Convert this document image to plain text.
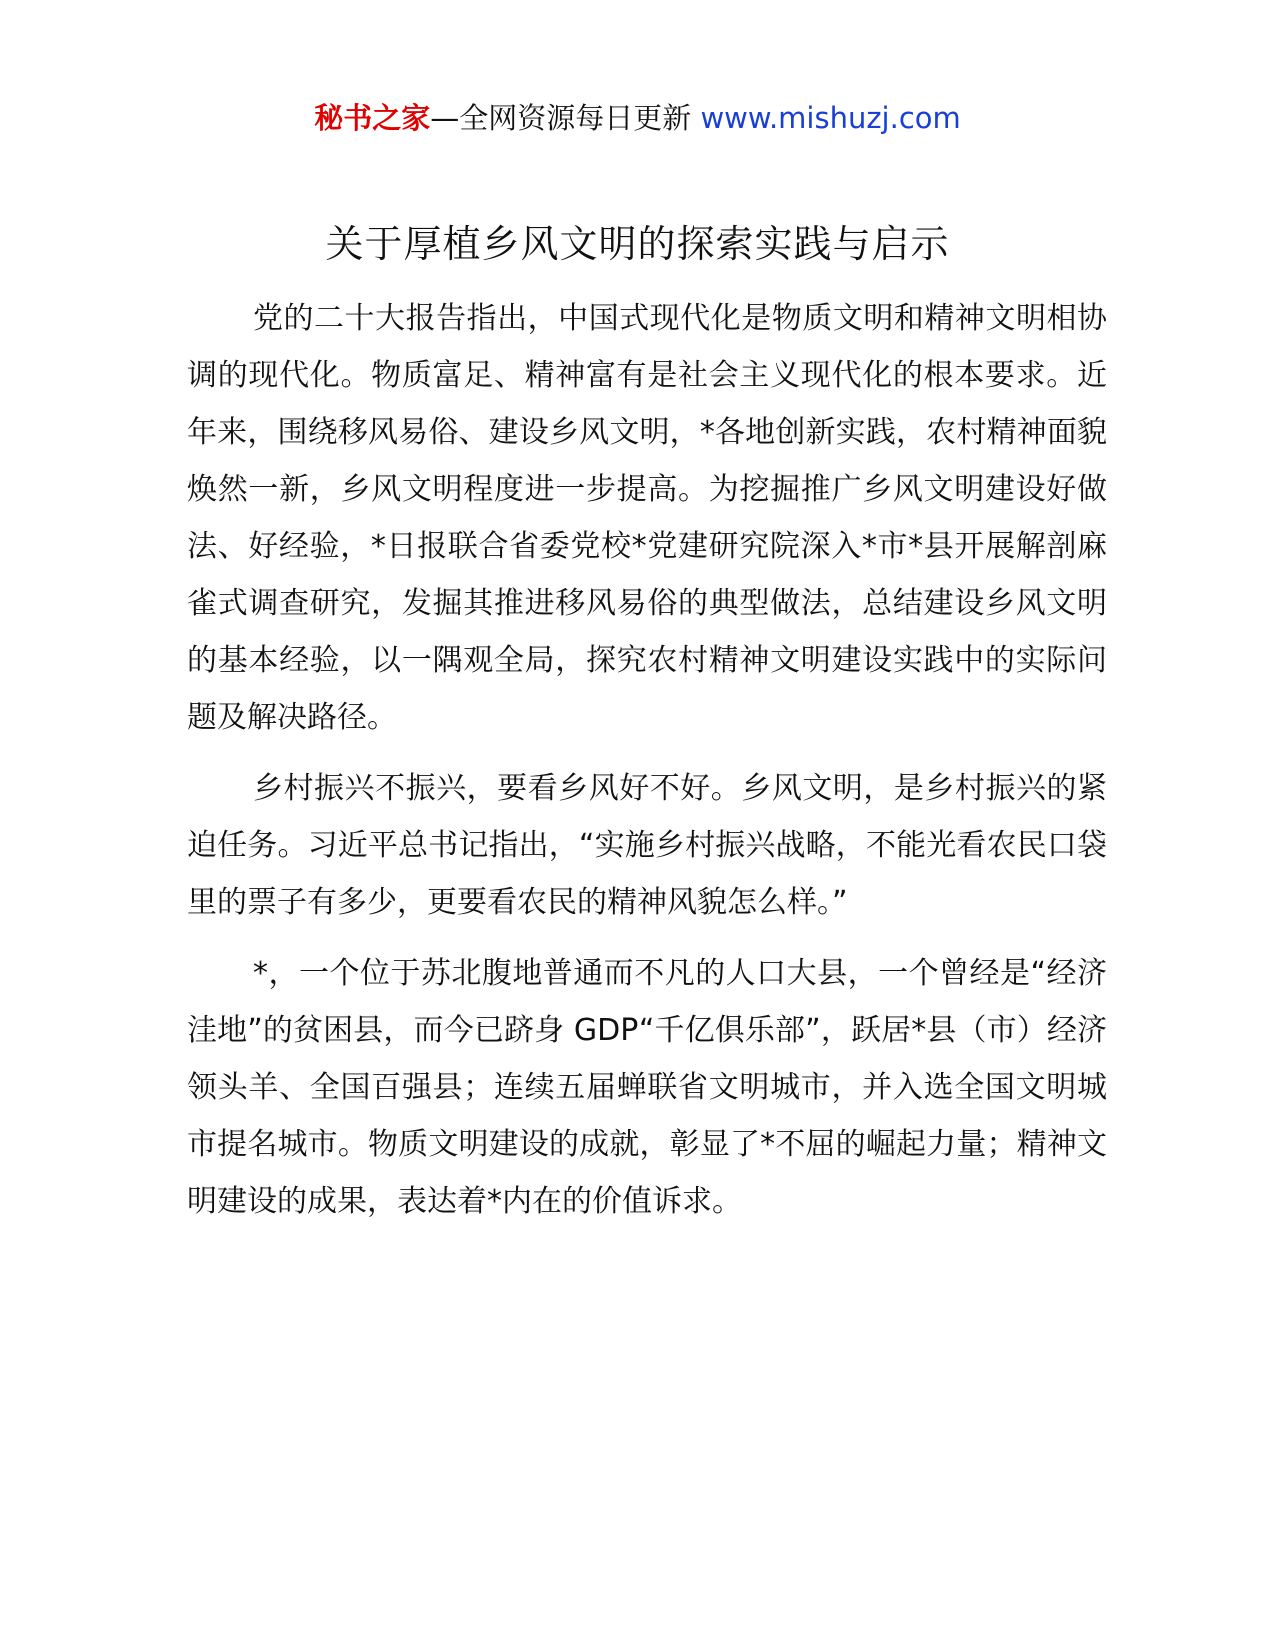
秘书之家—全网资源每日更新 www.mishuzj.com
关于厚植乡风文明的探索实践与启示

党的二十大报告指出，中国式现代化是物质文明和精神文明相协调的现代化。物质富足、精神富有是社会主义现代化的根本要求。近年来，围绕移风易俗、建设乡风文明，*各地创新实践，农村精神面貌焕然一新，乡风文明程度进一步提高。为挖掘推广乡风文明建设好做法、好经验，*日报联合省委党校*党建研究院深入*市*县开展解剖麻雀式调查研究，发掘其推进移风易俗的典型做法，总结建设乡风文明的基本经验，以一隅观全局，探究农村精神文明建设实践中的实际问题及解决路径。

乡村振兴不振兴，要看乡风好不好。乡风文明，是乡村振兴的紧迫任务。习近平总书记指出，“实施乡村振兴战略，不能光看农民口袋里的票子有多少，更要看农民的精神风貌怎么样。”

*，一个位于苏北腹地普通而不凡的人口大县，一个曾经是“经济洼地”的贫困县，而今已跻身 GDP“千亿俱乐部”，跃居*县（市）经济领头羊、全国百强县；连续五届蝉联省文明城市，并入选全国文明城市提名城市。物质文明建设的成就，彰显了*不屈的崛起力量；精神文明建设的成果，表达着*内在的价值诉求。
